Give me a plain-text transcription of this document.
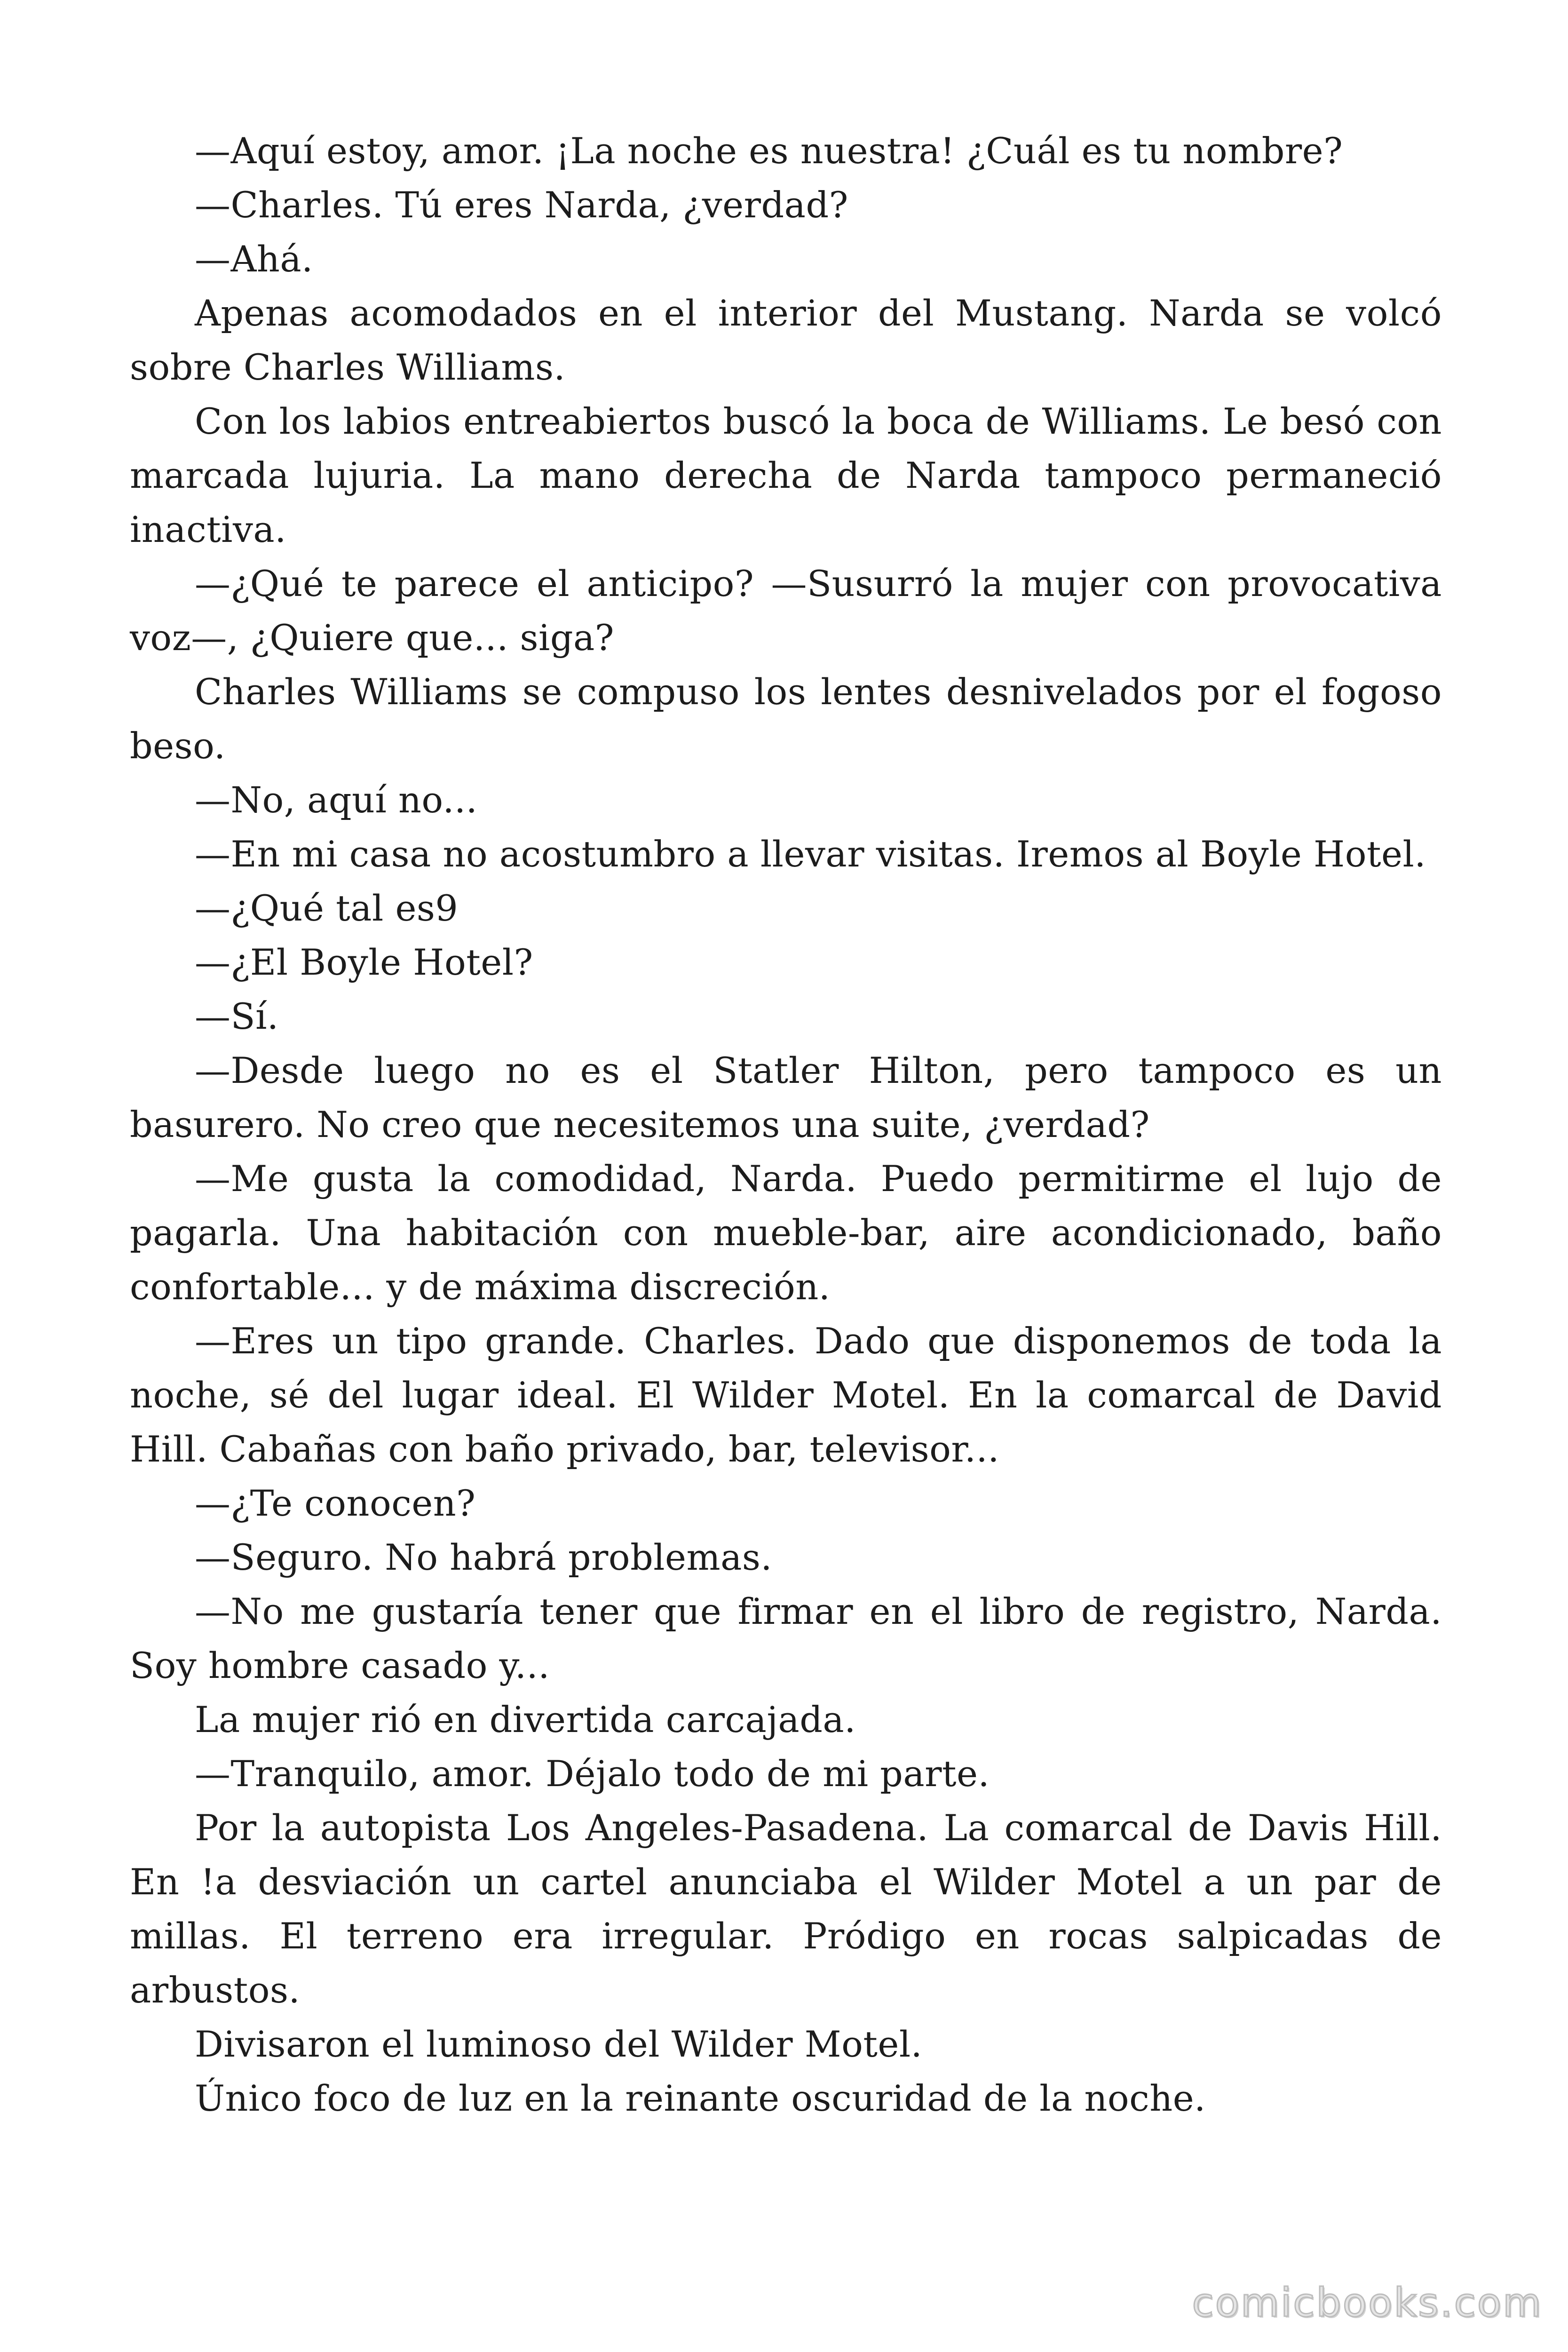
—Aquí estoy, amor. ¡La noche es nuestra! ¿Cuál es tu nombre?

—Charles. Tú eres Narda, ¿verdad?

—Ahá.

Apenas acomodados en el interior del Mustang. Narda se volcó sobre Charles Williams.

Con los labios entreabiertos buscó la boca de Williams. Le besó con marcada lujuria. La mano derecha de Narda tampoco permaneció inactiva.

—¿Qué te parece el anticipo? —Susurró la mujer con provocativa voz—, ¿Quiere que... siga?

Charles Williams se compuso los lentes desnivelados por el fogoso beso.

—No, aquí no...

—En mi casa no acostumbro a llevar visitas. Iremos al Boyle Hotel.

—¿Qué tal es9

—¿El Boyle Hotel?

—Sí.

—Desde luego no es el Statler Hilton, pero tampoco es un basurero. No creo que necesitemos una suite, ¿verdad?

—Me gusta la comodidad, Narda. Puedo permitirme el lujo de pagarla. Una habitación con mueble-bar, aire acondicionado, baño confortable... y de máxima discreción.

—Eres un tipo grande. Charles. Dado que disponemos de toda la noche, sé del lugar ideal. El Wilder Motel. En la comarcal de David Hill. Cabañas con baño privado, bar, televisor...

—¿Te conocen?

—Seguro. No habrá problemas.

—No me gustaría tener que firmar en el libro de registro, Narda. Soy hombre casado y...

La mujer rió en divertida carcajada.

—Tranquilo, amor. Déjalo todo de mi parte.

Por la autopista Los Angeles-Pasadena. La comarcal de Davis Hill. En !a desviación un cartel anunciaba el Wilder Motel a un par de millas. El terreno era irregular. Pródigo en rocas salpicadas de arbustos.

Divisaron el luminoso del Wilder Motel.

Único foco de luz en la reinante oscuridad de la noche.

comicbooks.com
